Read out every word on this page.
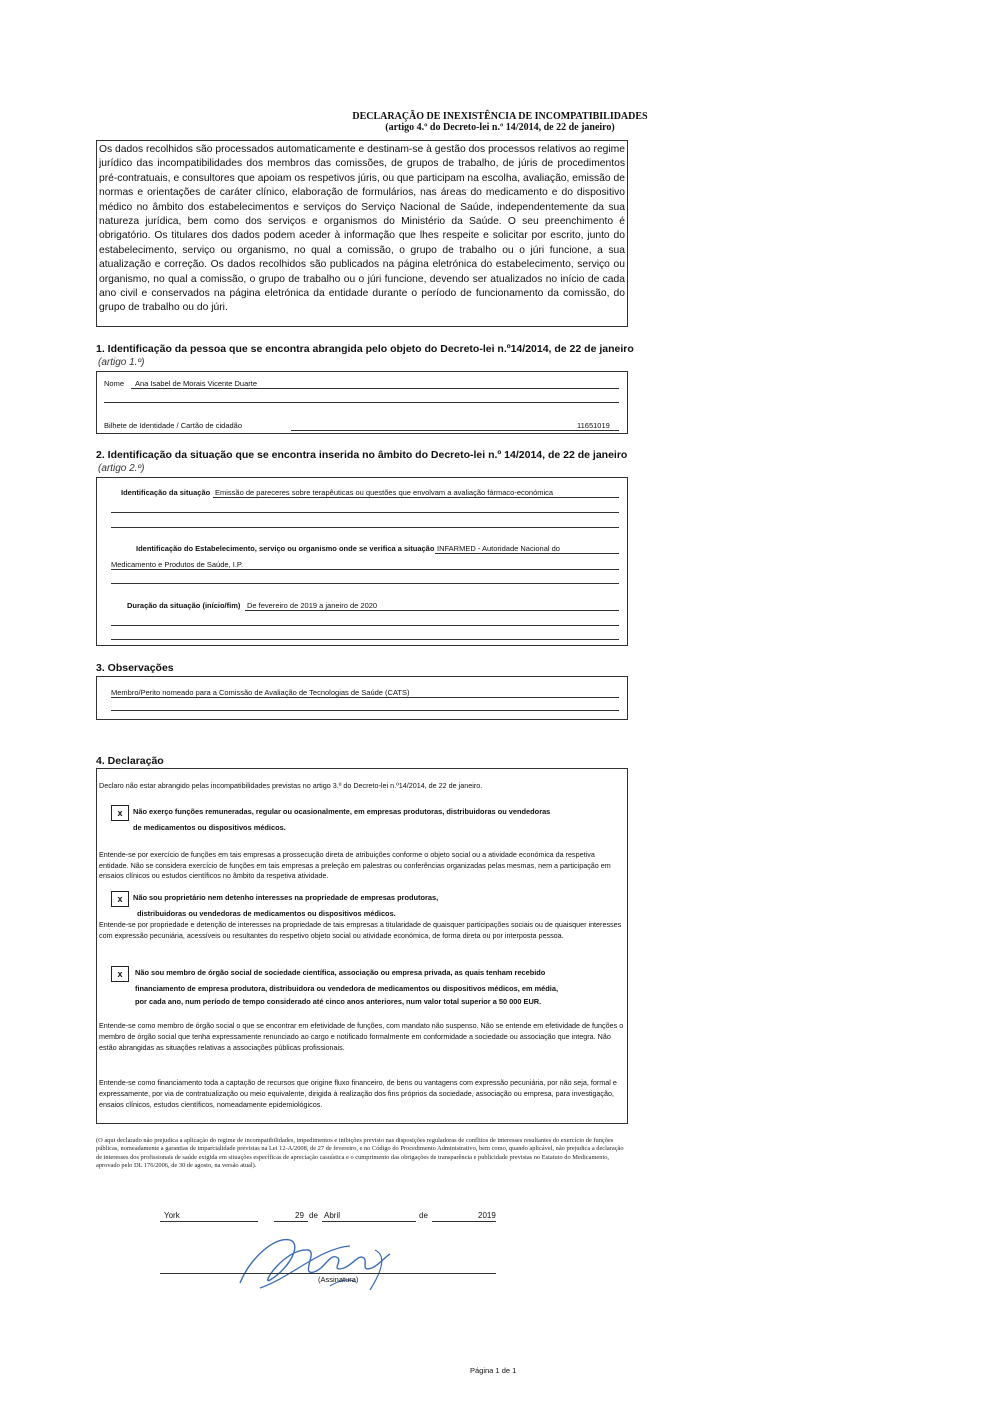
DECLARAÇÃO DE INEXISTÊNCIA DE INCOMPATIBILIDADES
(artigo 4.º do Decreto-lei n.º 14/2014, de 22 de janeiro)
Os dados recolhidos são processados automaticamente e destinam-se à gestão dos processos relativos ao regime jurídico das incompatibilidades dos membros das comissões, de grupos de trabalho, de júris de procedimentos pré-contratuais, e consultores que apoiam os respetivos júris, ou que participam na escolha, avaliação, emissão de normas e orientações de caráter clínico, elaboração de formulários, nas áreas do medicamento e do dispositivo médico no âmbito dos estabelecimentos e serviços do Serviço Nacional de Saúde, independentemente da sua natureza jurídica, bem como dos serviços e organismos do Ministério da Saúde. O seu preenchimento é obrigatório. Os titulares dos dados podem aceder à informação que lhes respeite e solicitar por escrito, junto do estabelecimento, serviço ou organismo, no qual a comissão, o grupo de trabalho ou o júri funcione, a sua atualização e correção. Os dados recolhidos são publicados na página eletrónica do estabelecimento, serviço ou organismo, no qual a comissão, o grupo de trabalho ou o júri funcione, devendo ser atualizados no início de cada ano civil e conservados na página eletrónica da entidade durante o período de funcionamento da comissão, do grupo de trabalho ou do júri.
1. Identificação da pessoa que se encontra abrangida pelo objeto do Decreto-lei n.º14/2014, de 22 de janeiro
(artigo 1.º)
Nome Ana Isabel de Morais Vicente Duarte
Bilhete de Identidade / Cartão de cidadão	11651019
2. Identificação da situação que se encontra inserida no âmbito do Decreto-lei n.º 14/2014, de 22 de janeiro
(artigo 2.º)
Identificação da situação Emissão de pareceres sobre terapêuticas ou questões que envolvam a avaliação fármaco-económica
Identificação do Estabelecimento, serviço ou organismo onde se verifica a situação INFARMED - Autoridade Nacional do
Medicamento e Produtos de Saúde, I.P.
Duração da situação (início/fim) De fevereiro de 2019 a janeiro de 2020
3. Observações
Membro/Perito nomeado para a Comissão de Avaliação de Tecnologias de Saúde (CATS)
4. Declaração
Declaro não estar abrangido pelas incompatibilidades previstas no artigo 3.º do Decreto-lei n.º14/2014, de 22 de janeiro.
x	Não exerço funções remuneradas, regular ou ocasionalmente, em empresas produtoras, distribuidoras ou vendedoras
de medicamentos ou dispositivos médicos.
Entende-se por exercício de funções em tais empresas a prossecução direta de atribuições conforme o objeto social ou a atividade económica da respetiva entidade. Não se considera exercício de funções em tais empresas a preleção em palestras ou conferências organizadas pelas mesmas, nem a participação em ensaios clínicos ou estudos científicos no âmbito da respetiva atividade.
x	Não sou proprietário nem detenho interesses na propriedade de empresas produtoras,
distribuidoras ou vendedoras de medicamentos ou dispositivos médicos.
Entende-se por propriedade e detenção de interesses na propriedade de tais empresas a titularidade de quaisquer participações sociais ou de quaisquer interesses com expressão pecuniária, acessíveis ou resultantes do respetivo objeto social ou atividade económica, de forma direta ou por interposta pessoa.
x	Não sou membro de órgão social de sociedade científica, associação ou empresa privada, as quais tenham recebido
financiamento de empresa produtora, distribuidora ou vendedora de medicamentos ou dispositivos médicos, em média,
por cada ano, num período de tempo considerado até cinco anos anteriores, num valor total superior a 50 000 EUR.
Entende-se como membro de órgão social o que se encontrar em efetividade de funções, com mandato não suspenso. Não se entende em efetividade de funções o membro de órgão social que tenha expressamente renunciado ao cargo e notificado formalmente em conformidade a sociedade ou associação que integra. Não estão abrangidas as situações relativas a associações públicas profissionais.
Entende-se como financiamento toda a captação de recursos que origine fluxo financeiro, de bens ou vantagens com expressão pecuniária, por não seja, formal e expressamente, por via de contratualização ou meio equivalente, dirigida à realização dos fins próprios da sociedade, associação ou empresa, para investigação, ensaios clínicos, estudos científicos, nomeadamente epidemiológicos.
(O aqui declarado não prejudica a aplicação do regime de incompatibilidades, impedimentos e inibições previsto nas disposições reguladoras de conflitos de interesses resultantes do exercício de funções públicas, nomeadamente a garantias de imparcialidade previstas na Lei 12-A/2008, de 27 de fevereiro, e no Código do Procedimento Administrativo, bem como, quando aplicável, não prejudica a declaração de interesses dos profissionais de saúde exigida em situações específicas de apreciação casuística e o cumprimento das obrigações de transparência e publicidade previstas no Estatuto do Medicamento, aprovado pelo DL 176/2006, de 30 de agosto, na versão atual).
York	29 de Abril	de	2019
(Assinatura)
Página 1 de 1
